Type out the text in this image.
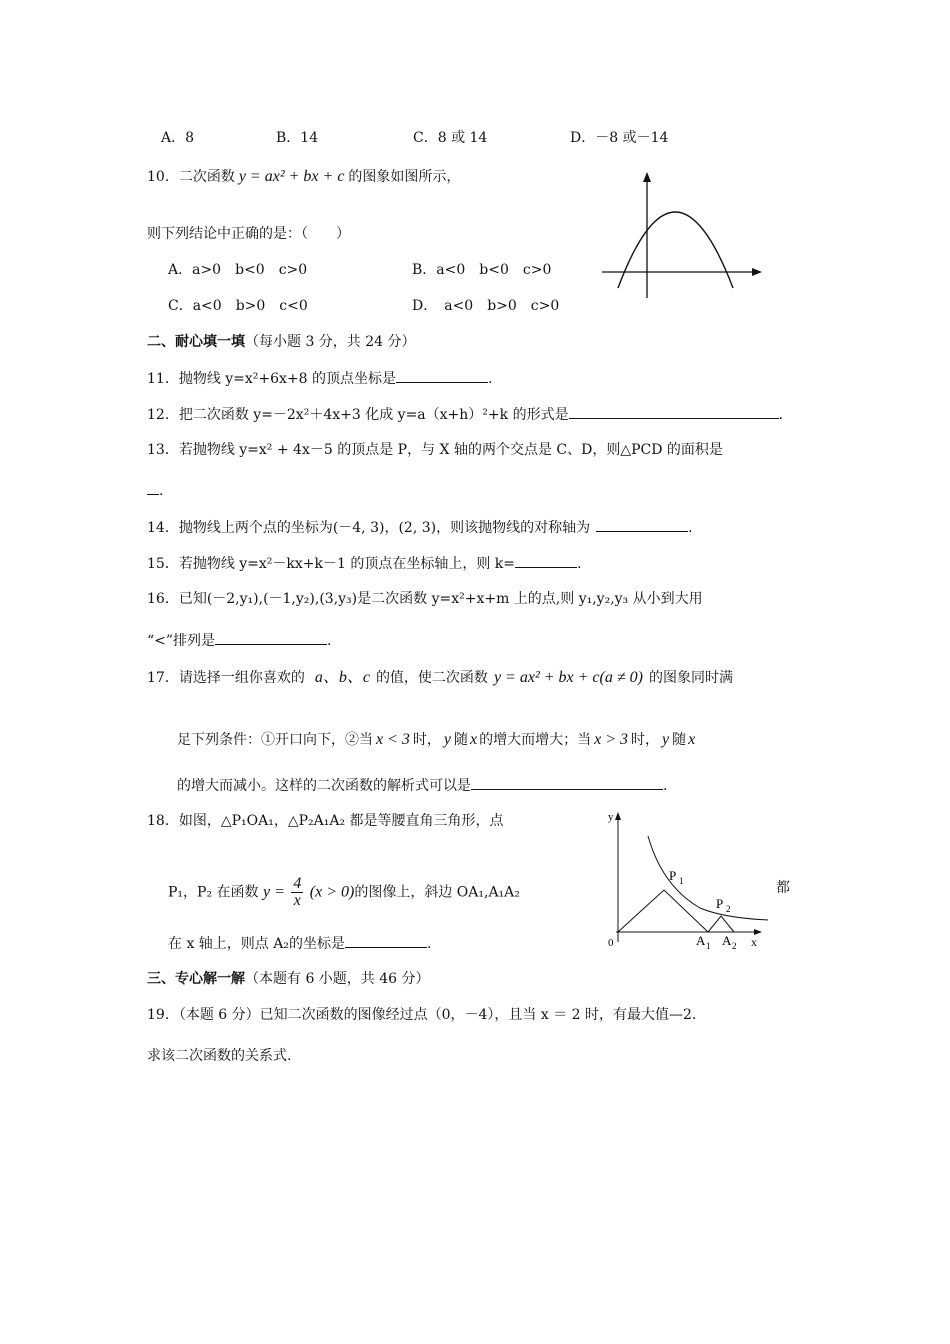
A．8	B．14	C．8 或 14	D．－8 或－14
10．二次函数 y = ax² + bx + c 的图象如图所示，
则下列结论中正确的是：（　　）
A．a>0　b<0　c>0	B．a<0　b<0　c>0
C．a<0　b>0　c<0	D．　a<0　b>0　c>0
二、耐心填一填（每小题 3 分，共 24 分）
11．抛物线 y=x²+6x+8 的顶点坐标是	.
12．把二次函数 y=－2x²＋4x+3 化成 y=a（x+h）²+k 的形式是	.
13．若抛物线 y=x² + 4x－5 的顶点是 P，与 X 轴的两个交点是 C、D，则△PCD 的面积是
.
14．抛物线上两个点的坐标为(－4, 3)，(2, 3)，则该抛物线的对称轴为	.
15．若抛物线 y=x²－kx+k－1 的顶点在坐标轴上，则 k=	.
16．已知(－2,y₁),(－1,y₂),(3,y₃)是二次函数 y=x²+x+m 上的点,则 y₁,y₂,y₃ 从小到大用
“<”排列是	.
17．请选择一组你喜欢的 a、b、c 的值，使二次函数 y = ax² + bx + c(a ≠ 0) 的图象同时满
足下列条件：①开口向下，②当 x < 3 时， y 随 x 的增大而增大；当 x > 3 时， y 随 x
的增大而减小。这样的二次函数的解析式可以是	.
18．如图，△P₁OA₁，△P₂A₁A₂ 都是等腰直角三角形，点
P₁，P₂ 在函数 $y = \frac{4}{x} (x > 0)$的图像上，斜边 OA₁,A₁A₂	都
在 x 轴上，则点 A₂的坐标是	.
y
0	x
P 1
P 2
A 1 A 2
三、专心解一解（本题有 6 小题，共 46 分）
19．（本题 6 分）已知二次函数的图像经过点（0，－4），且当 x ＝ 2 时，有最大值—2．
求该二次函数的关系式.
